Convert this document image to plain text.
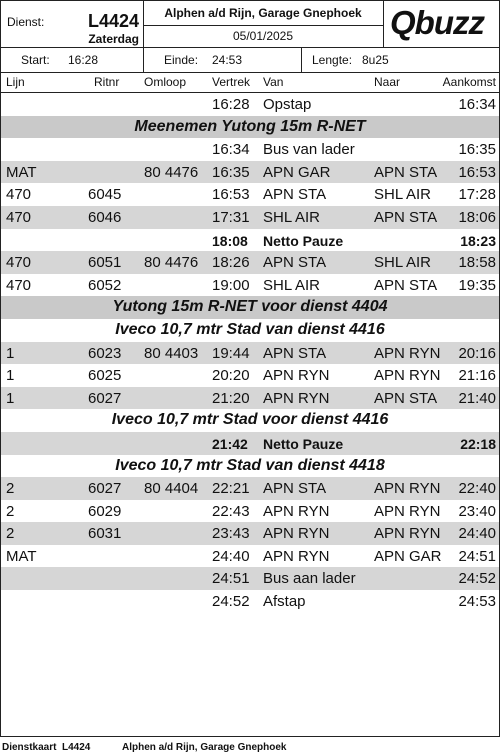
Dienst: L4424
Zaterdag
Alphen a/d Rijn, Garage Gnephoek
05/01/2025	Qbuzz
Start: 16:28	Einde: 24:53	Lengte: 8u25
Lijn	Ritnr Omloop Vertrek Van	Naar	Aankomst
16:28 Opstap	16:34
Meenemen Yutong 15m R-NET
16:34 Bus van lader	16:35
MAT	80 4476 16:35 APN GAR	APN STA 16:53
470	6045	16:53 APN STA	SHL AIR 17:28
470	6046	17:31 SHL AIR	APN STA 18:06
18:08 Netto Pauze	18:23
470	6051 80 4476 18:26 APN STA	SHL AIR 18:58
470	6052	19:00 SHL AIR	APN STA 19:35
Yutong 15m R-NET voor dienst 4404
Iveco 10,7 mtr Stad van dienst 4416
1	6023 80 4403 19:44 APN STA	APN RYN 20:16
1	6025	20:20 APN RYN	APN RYN 21:16
1	6027	21:20 APN RYN	APN STA 21:40
Iveco 10,7 mtr Stad voor dienst 4416
21:42 Netto Pauze	22:18
Iveco 10,7 mtr Stad van dienst 4418
2	6027 80 4404 22:21 APN STA	APN RYN 22:40
2	6029	22:43 APN RYN	APN RYN 23:40
2	6031	23:43 APN RYN	APN RYN 24:40
MAT	24:40 APN RYN	APN GAR 24:51
24:51 Bus aan lader	24:52
24:52 Afstap	24:53
Dienstkaart L4424	Alphen a/d Rijn, Garage Gnephoek
